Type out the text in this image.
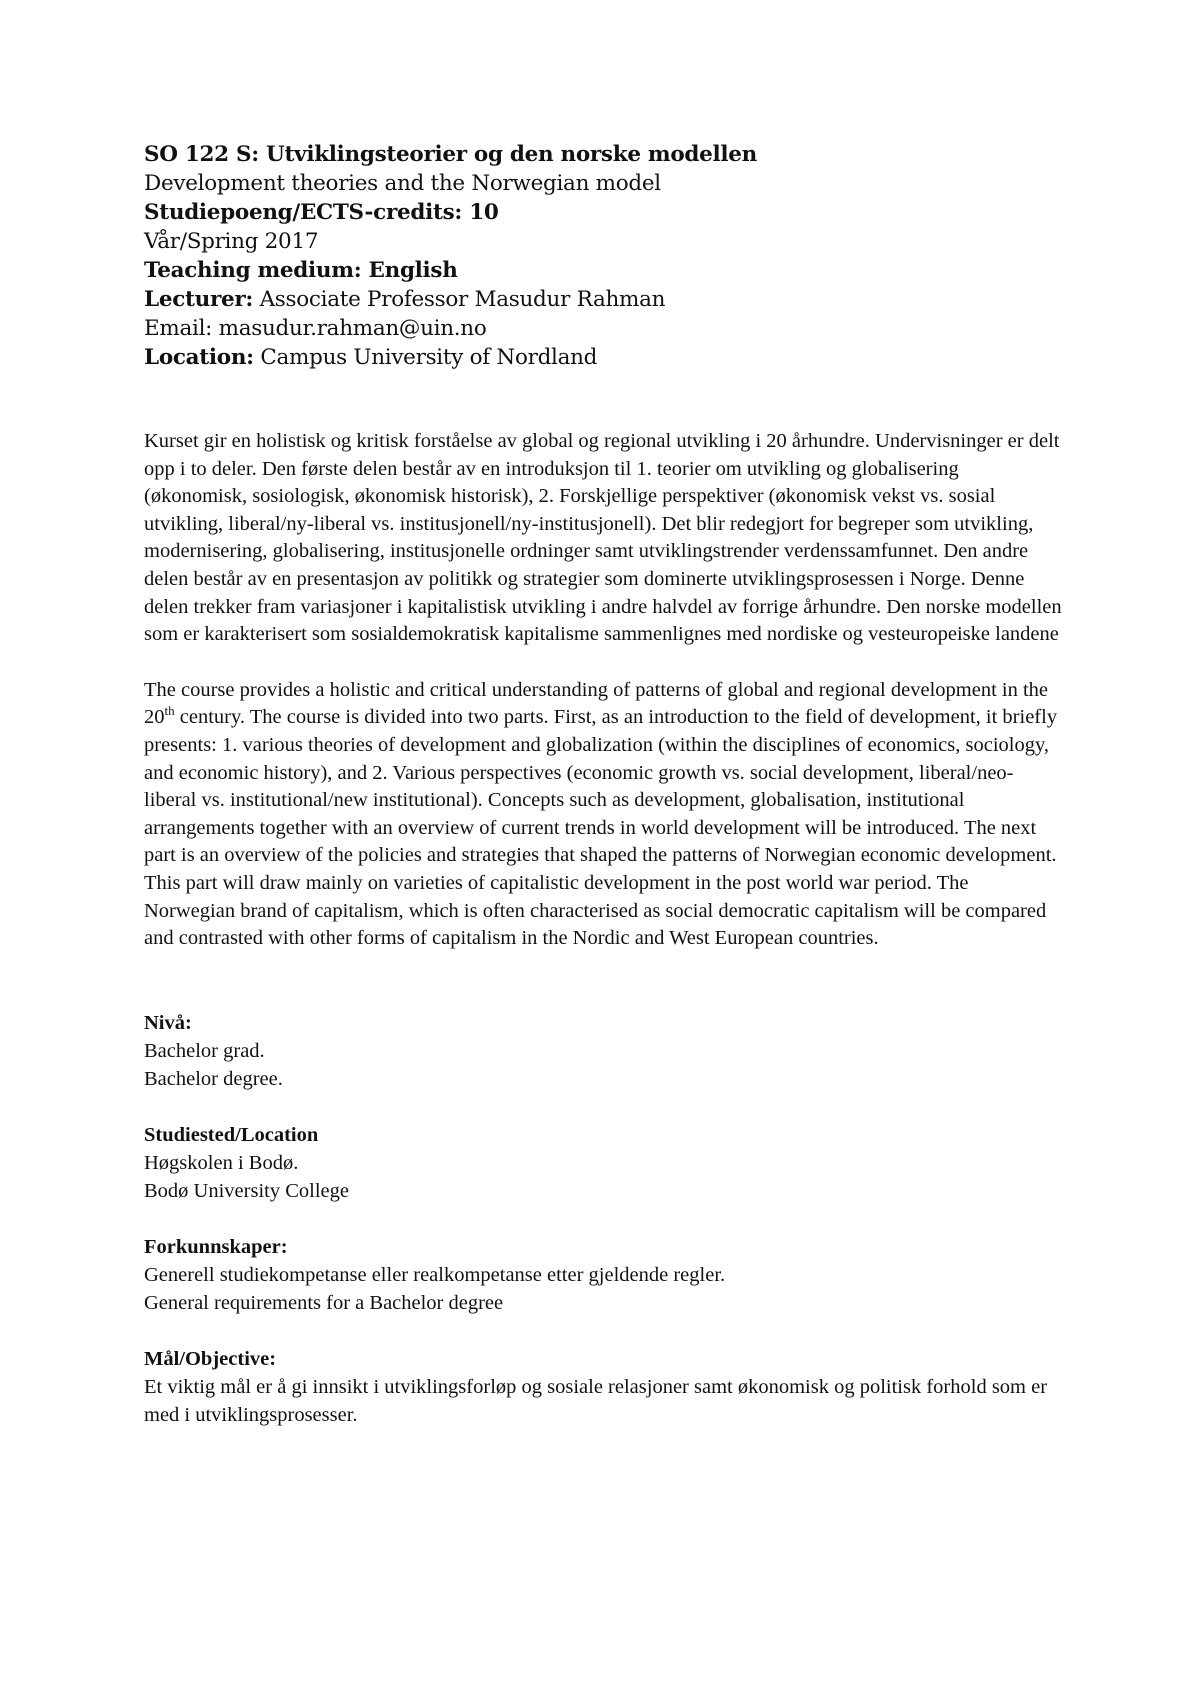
SO 122 S: Utviklingsteorier og den norske modellen

Development theories and the Norwegian model

Studiepoeng/ECTS-credits: 10

Vår/Spring 2017

Teaching medium: English

Lecturer: Associate Professor Masudur Rahman

Email: masudur.rahman@uin.no

Location: Campus University of Nordland

Kurset gir en holistisk og kritisk forståelse av global og regional utvikling i 20 århundre. Undervisninger er delt opp i to deler. Den første delen består av en introduksjon til 1. teorier om utvikling og globalisering (økonomisk, sosiologisk, økonomisk historisk), 2. Forskjellige perspektiver (økonomisk vekst vs. sosial utvikling, liberal/ny-liberal vs. institusjonell/ny-institusjonell). Det blir redegjort for begreper som utvikling, modernisering, globalisering, institusjonelle ordninger samt utviklingstrender verdenssamfunnet. Den andre delen består av en presentasjon av politikk og strategier som dominerte utviklingsprosessen i Norge. Denne delen trekker fram variasjoner i kapitalistisk utvikling i andre halvdel av forrige århundre. Den norske modellen som er karakterisert som sosialdemokratisk kapitalisme sammenlignes med nordiske og vesteuropeiske landene

The course provides a holistic and critical understanding of patterns of global and regional development in the 20th century. The course is divided into two parts. First, as an introduction to the field of development, it briefly presents: 1. various theories of development and globalization (within the disciplines of economics, sociology, and economic history), and 2. Various perspectives (economic growth vs. social development, liberal/neo-liberal vs. institutional/new institutional). Concepts such as development, globalisation, institutional arrangements together with an overview of current trends in world development will be introduced. The next part is an overview of the policies and strategies that shaped the patterns of Norwegian economic development. This part will draw mainly on varieties of capitalistic development in the post world war period. The Norwegian brand of capitalism, which is often characterised as social democratic capitalism will be compared and contrasted with other forms of capitalism in the Nordic and West European countries.

Nivå:

Bachelor grad.

Bachelor degree.

Studiested/Location

Høgskolen i Bodø.

Bodø University College

Forkunnskaper:

Generell studiekompetanse eller realkompetanse etter gjeldende regler.

General requirements for a Bachelor degree

Mål/Objective:

Et viktig mål er å gi innsikt i utviklingsforløp og sosiale relasjoner samt økonomisk og politisk forhold som er med i utviklingsprosesser.
